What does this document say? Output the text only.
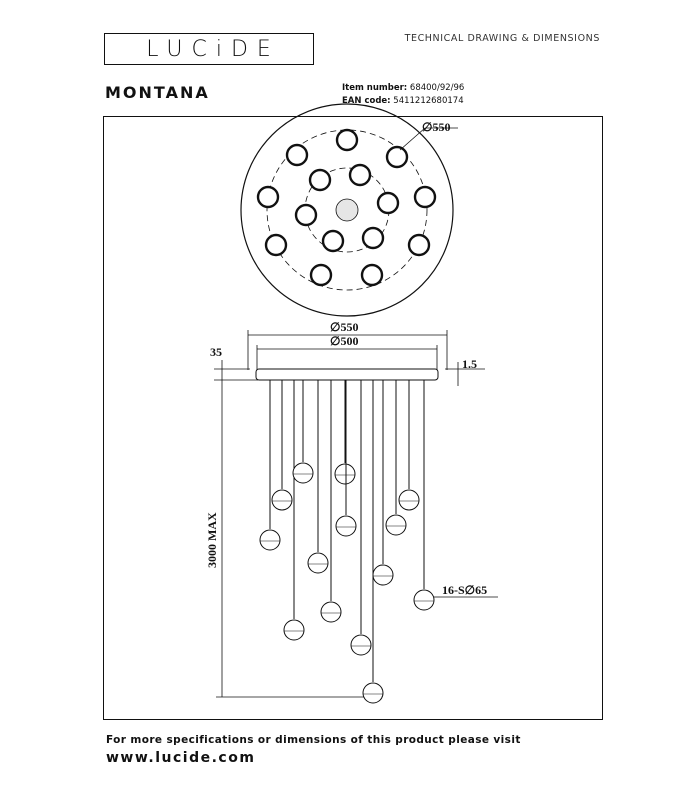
LUCiDE	TECHNICAL DRAWING & DIMENSIONS
MONTANA	Item number: 68400/92/96
EAN code: 5411212680174
∅550
∅550
∅500
35
1.5
3000 MAX
16-S∅65
For more specifications or dimensions of this product please visit
www.lucide.com
